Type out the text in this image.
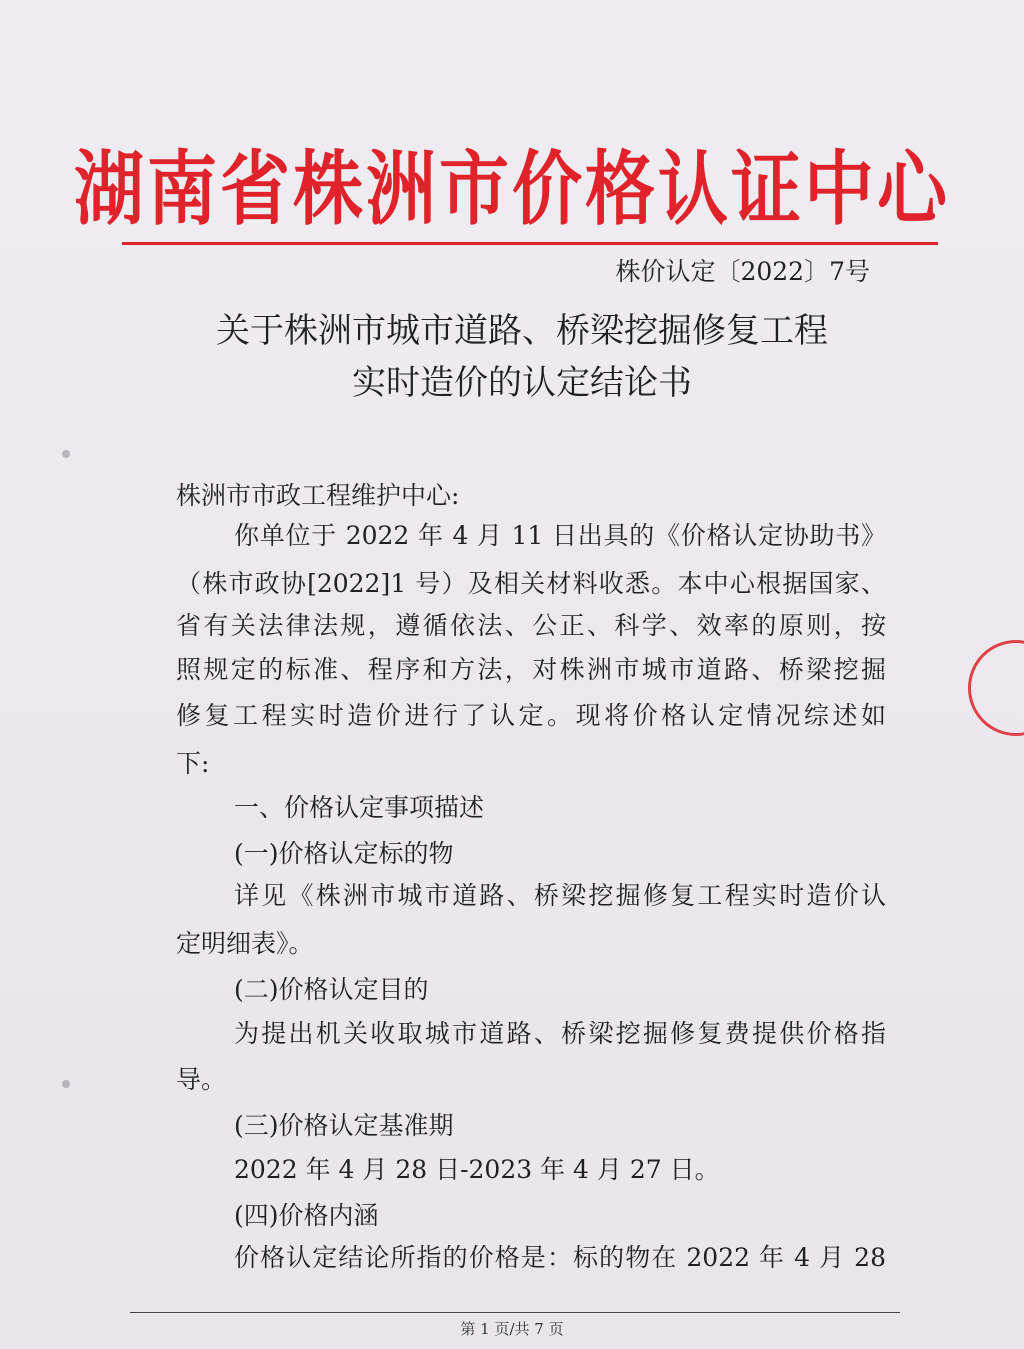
湖南省株洲市价格认证中心
株价认定〔2022〕7号
关于株洲市城市道路、桥梁挖掘修复工程
实时造价的认定结论书
株洲市市政工程维护中心:
你单位于 2022 年 4 月 11 日出具的《价格认定协助书》
（株市政协[2022]1 号）及相关材料收悉。本中心根据国家、
省有关法律法规，遵循依法、公正、科学、效率的原则，按
照规定的标准、程序和方法，对株洲市城市道路、桥梁挖掘
修复工程实时造价进行了认定。现将价格认定情况综述如
下:
一、价格认定事项描述
(一)价格认定标的物
详见《株洲市城市道路、桥梁挖掘修复工程实时造价认
定明细表》。
(二)价格认定目的
为提出机关收取城市道路、桥梁挖掘修复费提供价格指
导。
(三)价格认定基准期
2022 年 4 月 28 日-2023 年 4 月 27 日。
(四)价格内涵
价格认定结论所指的价格是：标的物在 2022 年 4 月 28
第 1 页/共 7 页
